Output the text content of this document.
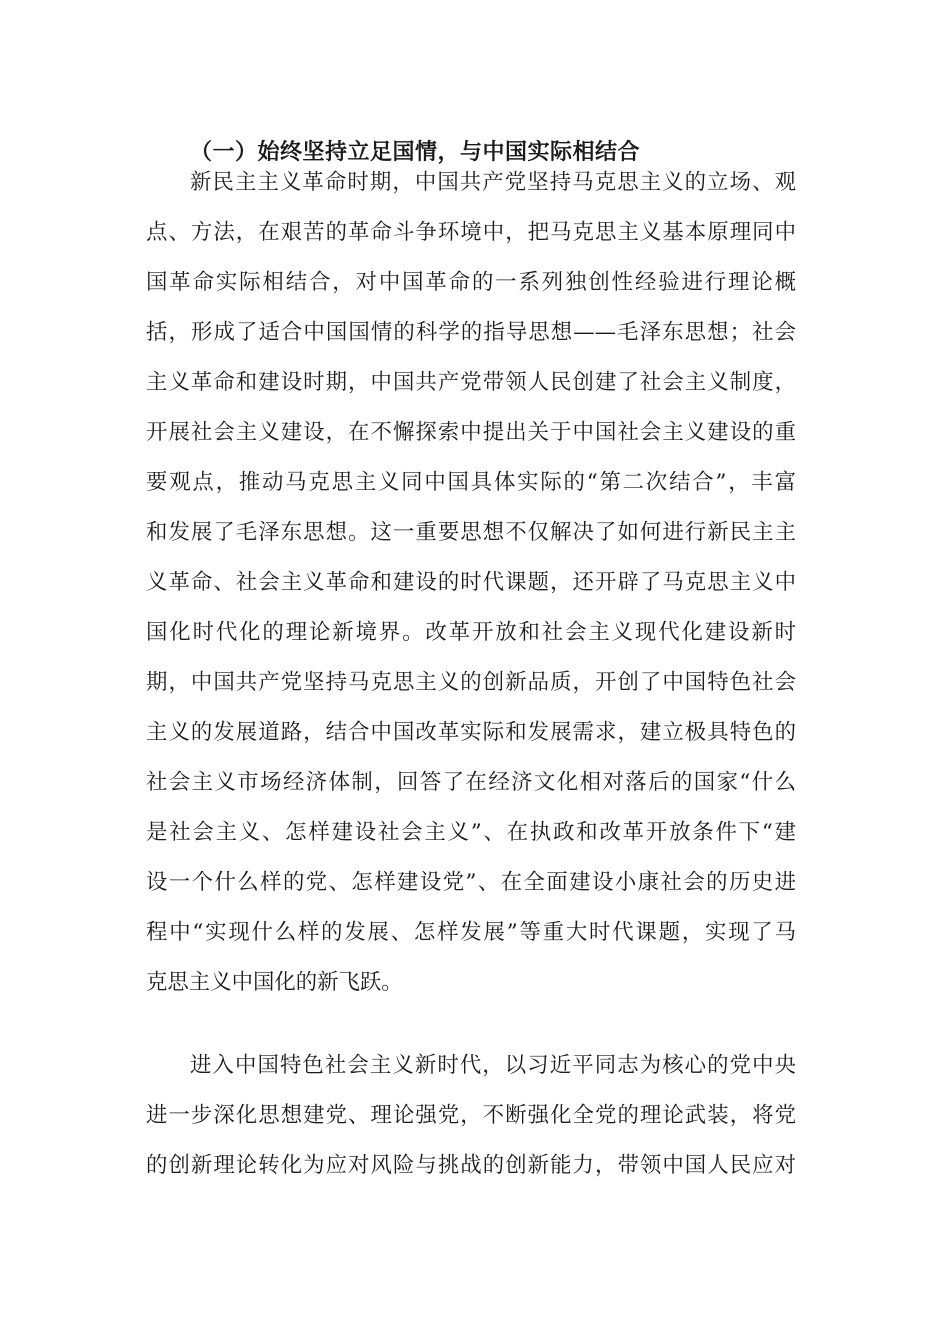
（一）始终坚持立足国情，与中国实际相结合
新民主主义革命时期，中国共产党坚持马克思主义的立场、观
点、方法，在艰苦的革命斗争环境中，把马克思主义基本原理同中
国革命实际相结合，对中国革命的一系列独创性经验进行理论概
括，形成了适合中国国情的科学的指导思想——毛泽东思想；社会
主义革命和建设时期，中国共产党带领人民创建了社会主义制度，
开展社会主义建设，在不懈探索中提出关于中国社会主义建设的重
要观点，推动马克思主义同中国具体实际的“第二次结合”，丰富
和发展了毛泽东思想。这一重要思想不仅解决了如何进行新民主主
义革命、社会主义革命和建设的时代课题，还开辟了马克思主义中
国化时代化的理论新境界。改革开放和社会主义现代化建设新时
期，中国共产党坚持马克思主义的创新品质，开创了中国特色社会
主义的发展道路，结合中国改革实际和发展需求，建立极具特色的
社会主义市场经济体制，回答了在经济文化相对落后的国家“什么
是社会主义、怎样建设社会主义”、在执政和改革开放条件下“建
设一个什么样的党、怎样建设党”、在全面建设小康社会的历史进
程中“实现什么样的发展、怎样发展”等重大时代课题，实现了马
克思主义中国化的新飞跃。
进入中国特色社会主义新时代，以习近平同志为核心的党中央
进一步深化思想建党、理论强党，不断强化全党的理论武装，将党
的创新理论转化为应对风险与挑战的创新能力，带领中国人民应对
